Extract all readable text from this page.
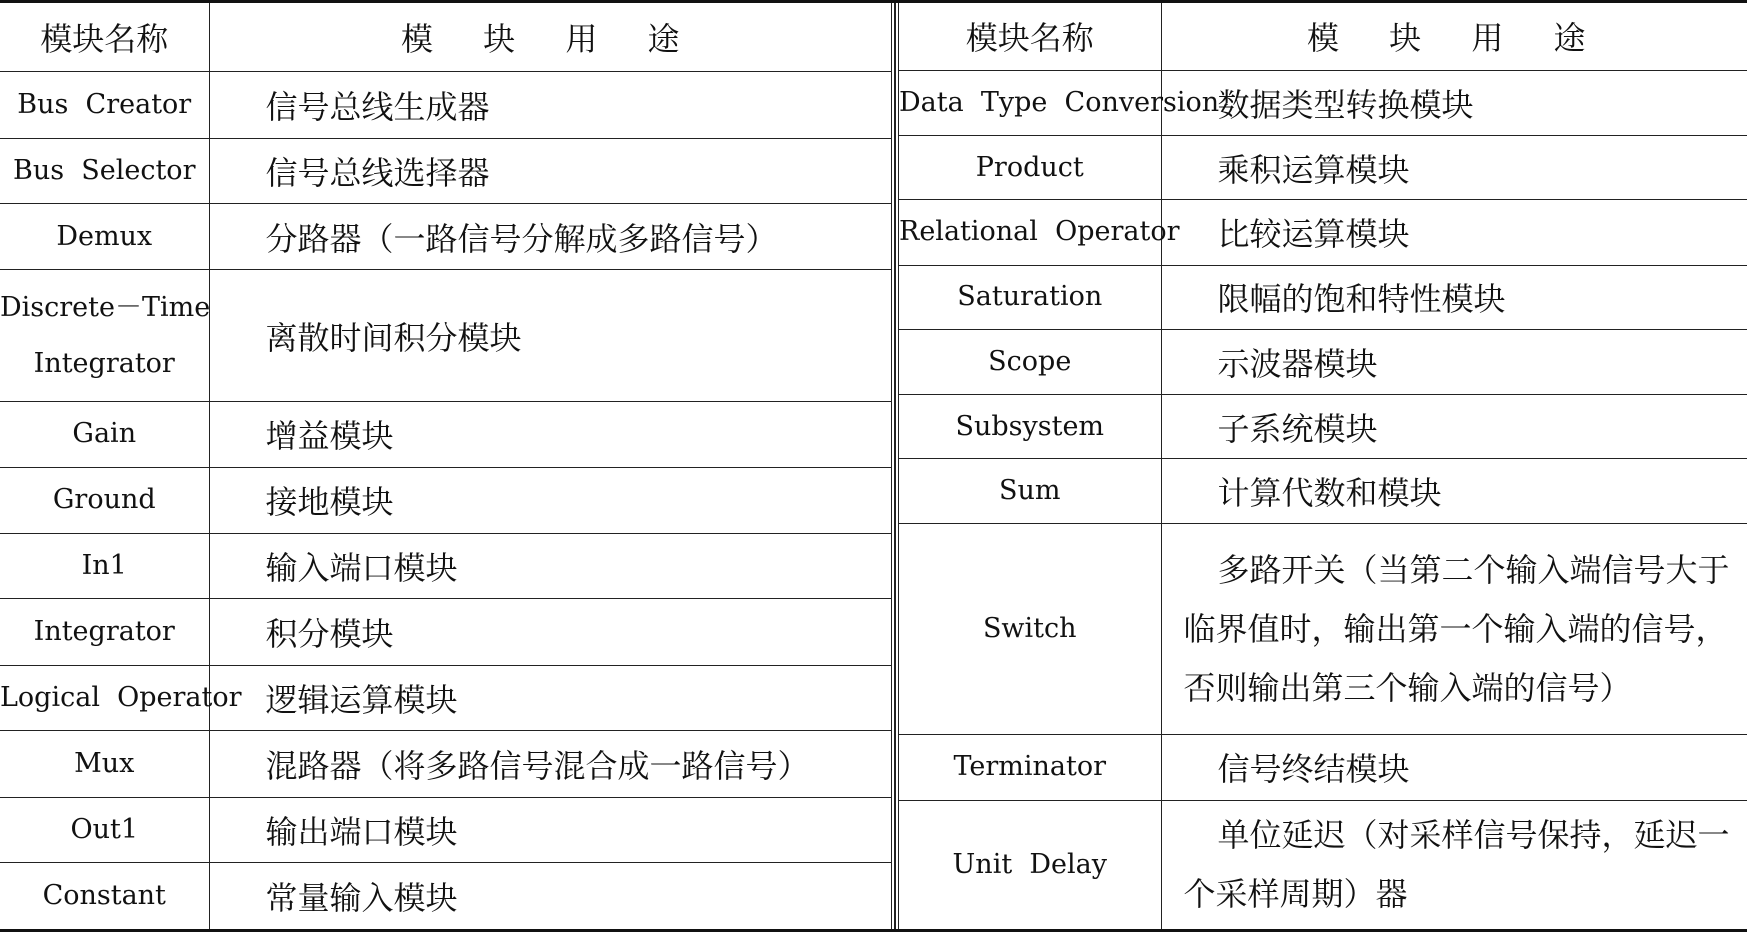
模块名称	模 块 用 途
Bus  Creator	信号总线生成器
Bus  Selector	信号总线选择器
Demux	分路器（一路信号分解成多路信号）
Discrete－Time
Integrator	离散时间积分模块
Gain	增益模块
Ground	接地模块
In1	输入端口模块
Integrator	积分模块
Logical  Operator	逻辑运算模块
Mux	混路器（将多路信号混合成一路信号）
Out1	输出端口模块
Constant	常量输入模块
模块名称	模 块 用 途
Data  Type  Conversion	数据类型转换模块
Product	乘积运算模块
Relational  Operator	比较运算模块
Saturation	限幅的饱和特性模块
Scope	示波器模块
Subsystem	子系统模块
Sum	计算代数和模块
Switch	多路开关（当第二个输入端信号大于临界值时，输出第一个输入端的信号，否则输出第三个输入端的信号）
Terminator	信号终结模块
Unit  Delay	单位延迟（对采样信号保持，延迟一个采样周期）器
